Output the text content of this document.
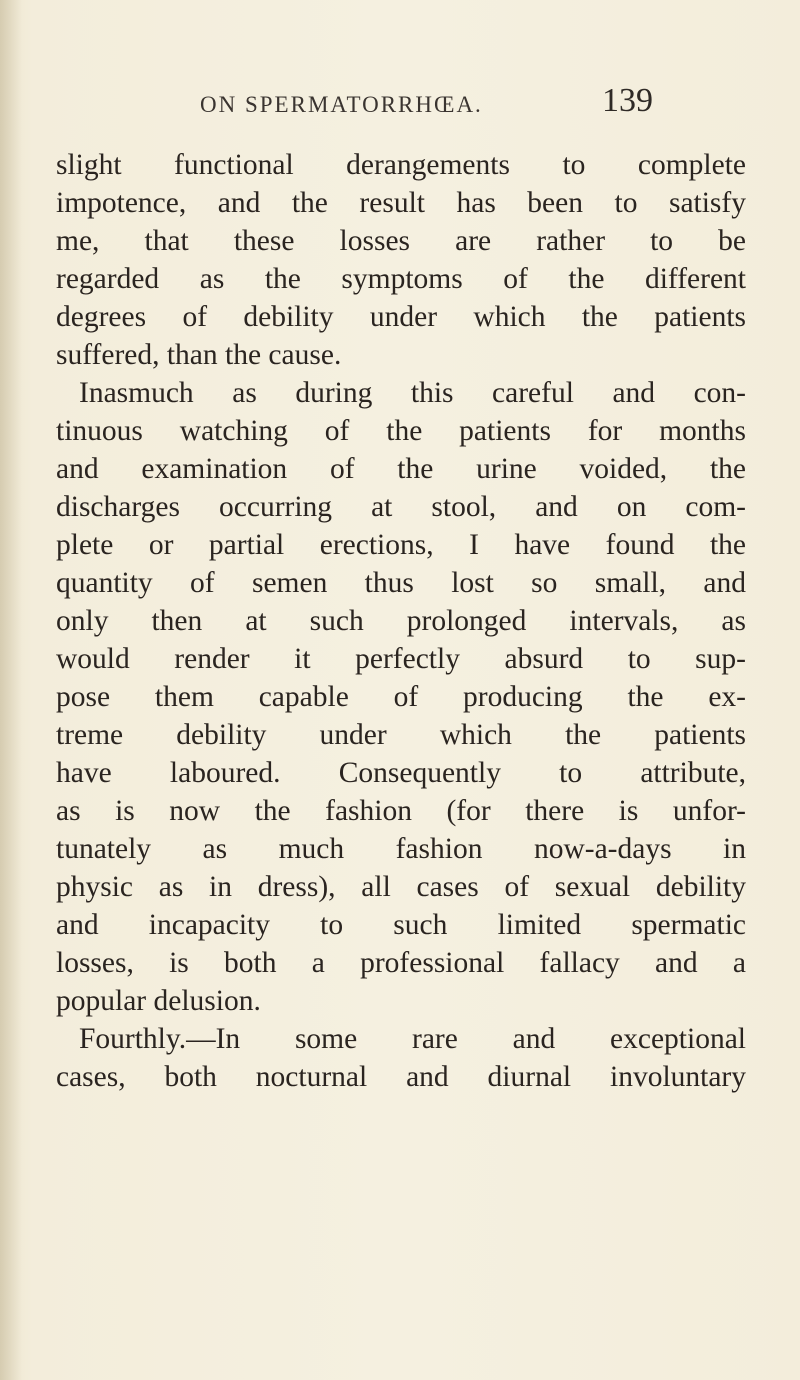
ON SPERMATORRHŒA.	139
slight functional derangements to complete
impotence, and the result has been to satisfy
me, that these losses are rather to be
regarded as the symptoms of the different
degrees of debility under which the patients
suffered, than the cause.
Inasmuch as during this careful and con-
tinuous watching of the patients for months
and examination of the urine voided, the
discharges occurring at stool, and on com-
plete or partial erections, I have found the
quantity of semen thus lost so small, and
only then at such prolonged intervals, as
would render it perfectly absurd to sup-
pose them capable of producing the ex-
treme debility under which the patients
have laboured. Consequently to attribute,
as is now the fashion (for there is unfor-
tunately as much fashion now-a-days in
physic as in dress), all cases of sexual debility
and incapacity to such limited spermatic
losses, is both a professional fallacy and a
popular delusion.
Fourthly.—In some rare and exceptional
cases, both nocturnal and diurnal involuntary
